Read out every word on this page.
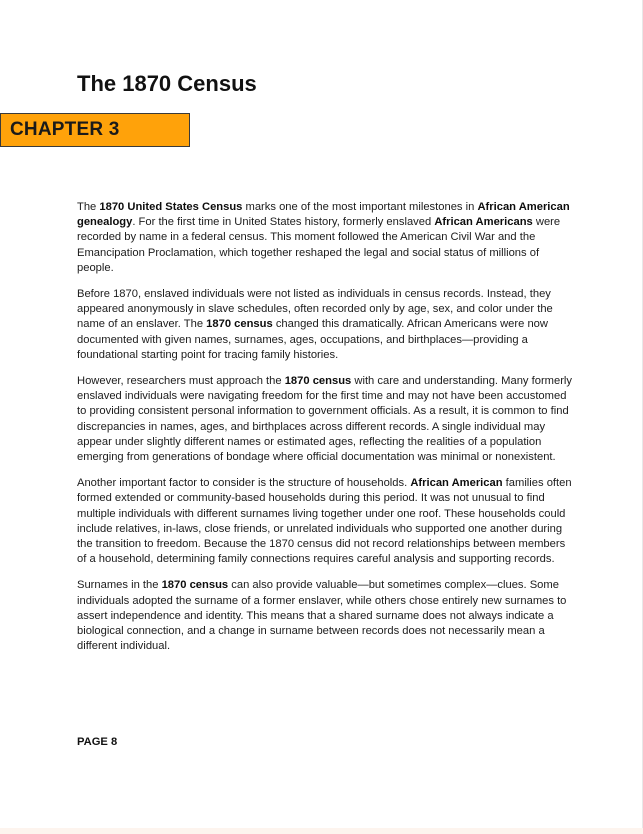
The 1870 Census
CHAPTER 3

The 1870 United States Census marks one of the most important milestones in African American genealogy. For the first time in United States history, formerly enslaved African Americans were recorded by name in a federal census. This moment followed the American Civil War and the Emancipation Proclamation, which together reshaped the legal and social status of millions of people.

Before 1870, enslaved individuals were not listed as individuals in census records. Instead, they appeared anonymously in slave schedules, often recorded only by age, sex, and color under the name of an enslaver. The 1870 census changed this dramatically. African Americans were now documented with given names, surnames, ages, occupations, and birthplaces—providing a foundational starting point for tracing family histories.

However, researchers must approach the 1870 census with care and understanding. Many formerly enslaved individuals were navigating freedom for the first time and may not have been accustomed to providing consistent personal information to government officials. As a result, it is common to find discrepancies in names, ages, and birthplaces across different records. A single individual may appear under slightly different names or estimated ages, reflecting the realities of a population emerging from generations of bondage where official documentation was minimal or nonexistent.

Another important factor to consider is the structure of households. African American families often formed extended or community-based households during this period. It was not unusual to find multiple individuals with different surnames living together under one roof. These households could include relatives, in-laws, close friends, or unrelated individuals who supported one another during the transition to freedom. Because the 1870 census did not record relationships between members of a household, determining family connections requires careful analysis and supporting records.

Surnames in the 1870 census can also provide valuable—but sometimes complex—clues. Some individuals adopted the surname of a former enslaver, while others chose entirely new surnames to assert independence and identity. This means that a shared surname does not always indicate a biological connection, and a change in surname between records does not necessarily mean a different individual.

PAGE 8
